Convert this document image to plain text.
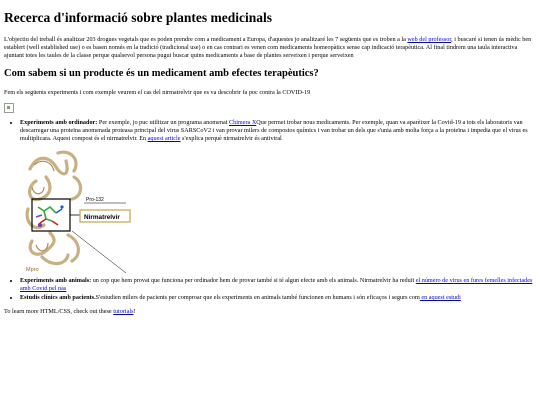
Recerca d'informació sobre plantes medicinals

L'objectiu del treball és analitzar 203 drogues vegetals que es poden prendre com a medicament a Europa, d'aquestes jo analitzaré les 7 següents que es troben a la web del professor, i buscaré si tenen ús mèdic ben establert (well established use) o es basen només en la tradició (tradicional use) o en cas contrari es venen com medicaments homeopàtics sense cap indicació terapèutica. Al final tindrem una taula interactiva ajuntant totes les taules de la classe perque qualsevol persona pugui buscar quins medicaments a base de plantes serveixen i perque serveixen

Com sabem si un producte és un medicament amb efectes terapèutics?

Fem els següents experiments i com exemple veurem el cas del nirmatrelvir que es va descobrir fa poc contra la COVID-19

• Experiments amb ordinador: Per exemple, jo puc utilitzar un programa anomenat Chimera XQue permet trobar nous medicaments. Per exemple, quan va aparèixer la Covid-19 a tots els laboratoris van descarregar una proteïna anomenada proteasa principal del virus SARSCoV2 i van provar milers de compostos químics i van trobar un dels que s'unia amb molta força a la proteïna i impedia que el virus es multiplicara. Aquest compost és el nirmatrelvir. En aquest article s'explica perquè nirmatrelvir és antiviral
Pro-132
Nirmatrelvir
Mpro
• Experiments amb animals: un cop que hem provat que funciona per ordinador hem de provar també si té algun efecte amb els animals. Nirmatrelvir ha reduït el número de virus en fures femelles infectades amb Covid pel nas
• Estudis clínics amb pacients.S'estudien milers de pacients per comproar que els experiments en animals també funcionen en humans i són eficaços i segurs com en aquest estudi

To learn more HTML/CSS, check out these tutorials!
